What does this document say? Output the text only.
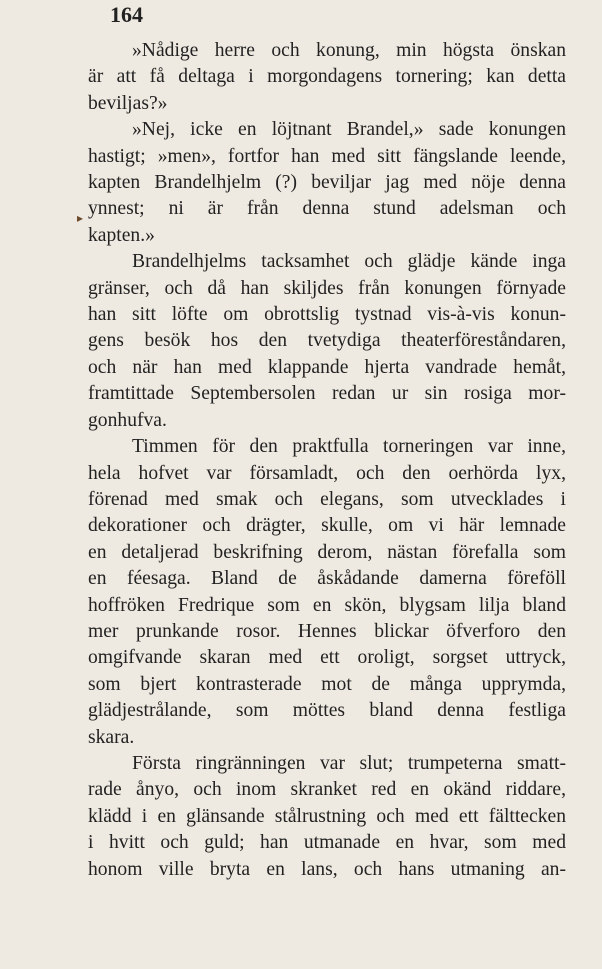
164
▸
»Nådige herre och konung, min högsta önskan
är att få deltaga i morgondagens tornering; kan detta
beviljas?»
»Nej, icke en löjtnant Brandel,» sade konungen
hastigt; »men», fortfor han med sitt fängslande leende,
kapten Brandelhjelm (?) beviljar jag med nöje denna
ynnest; ni är från denna stund adelsman och
kapten.»
Brandelhjelms tacksamhet och glädje kände inga
gränser, och då han skiljdes från konungen förnyade
han sitt löfte om obrottslig tystnad vis-à-vis konun-
gens besök hos den tvetydiga theaterföreståndaren,
och när han med klappande hjerta vandrade hemåt,
framtittade Septembersolen redan ur sin rosiga mor-
gonhufva.
Timmen för den praktfulla torneringen var inne,
hela hofvet var församladt, och den oerhörda lyx,
förenad med smak och elegans, som utvecklades i
dekorationer och drägter, skulle, om vi här lemnade
en detaljerad beskrifning derom, nästan förefalla som
en féesaga. Bland de åskådande damerna föreföll
hoffröken Fredrique som en skön, blygsam lilja bland
mer prunkande rosor. Hennes blickar öfverforo den
omgifvande skaran med ett oroligt, sorgset uttryck,
som bjert kontrasterade mot de många upprymda,
glädjestrålande, som möttes bland denna festliga
skara.
Första ringränningen var slut; trumpeterna smatt-
rade ånyo, och inom skranket red en okänd riddare,
klädd i en glänsande stålrustning och med ett fälttecken
i hvitt och guld; han utmanade en hvar, som med
honom ville bryta en lans, och hans utmaning an-
